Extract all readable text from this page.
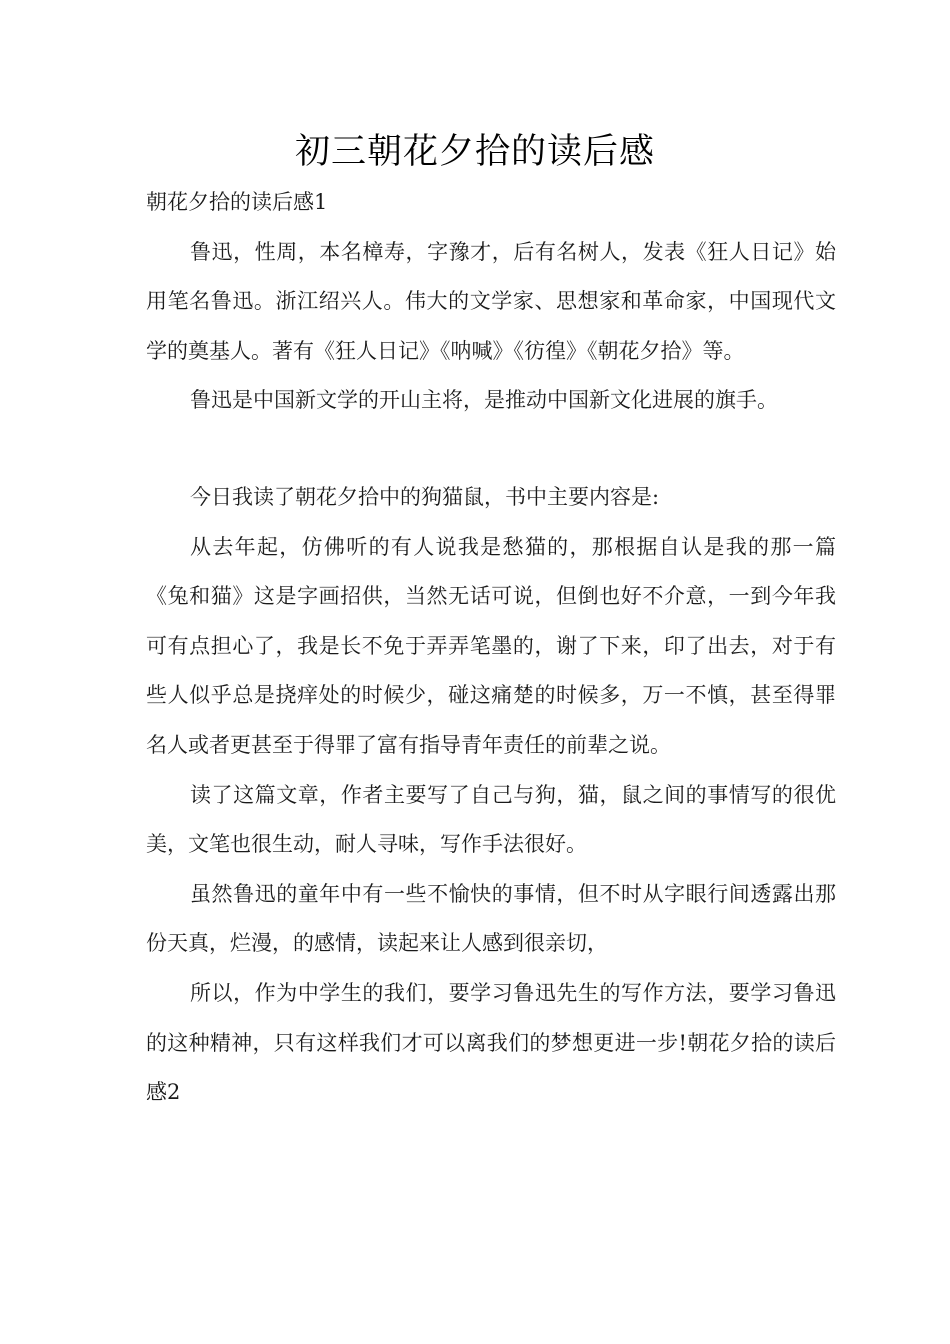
初三朝花夕拾的读后感

朝花夕拾的读后感1

鲁迅，性周，本名樟寿，字豫才，后有名树人，发表《狂人日记》始用笔名鲁迅。浙江绍兴人。伟大的文学家、思想家和革命家，中国现代文学的奠基人。著有《狂人日记》《呐喊》《彷徨》《朝花夕拾》等。

鲁迅是中国新文学的开山主将，是推动中国新文化进展的旗手。

今日我读了朝花夕拾中的狗猫鼠，书中主要内容是:

从去年起，仿佛听的有人说我是愁猫的，那根据自认是我的那一篇《兔和猫》这是字画招供，当然无话可说，但倒也好不介意，一到今年我可有点担心了，我是长不免于弄弄笔墨的，谢了下来，印了出去，对于有些人似乎总是挠痒处的时候少，碰这痛楚的时候多，万一不慎，甚至得罪名人或者更甚至于得罪了富有指导青年责任的前辈之说。

读了这篇文章，作者主要写了自己与狗，猫，鼠之间的事情写的很优美，文笔也很生动，耐人寻味，写作手法很好。

虽然鲁迅的童年中有一些不愉快的事情，但不时从字眼行间透露出那份天真，烂漫，的感情，读起来让人感到很亲切，

所以，作为中学生的我们，要学习鲁迅先生的写作方法，要学习鲁迅的这种精神，只有这样我们才可以离我们的梦想更进一步!朝花夕拾的读后感2
